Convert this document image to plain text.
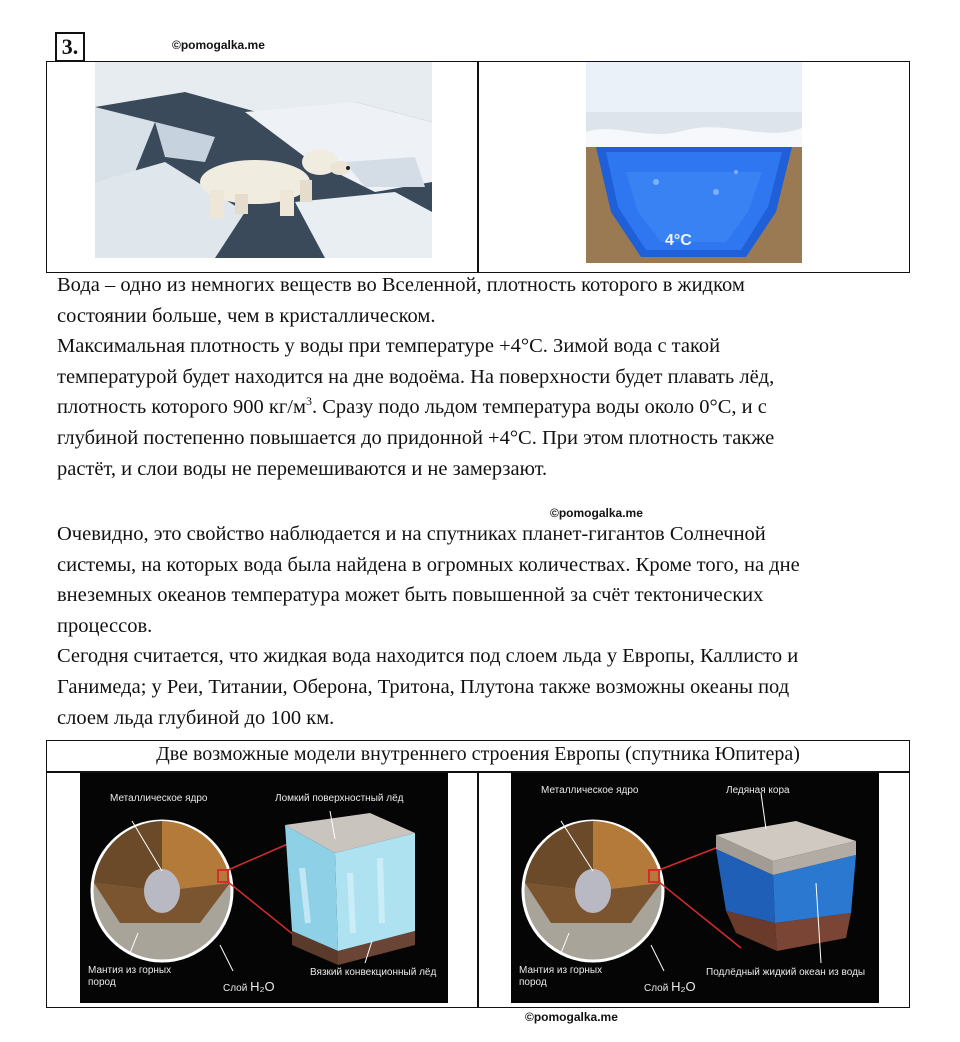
3.	©pomogalka.me
4°C

Вода – одно из немногих веществ во Вселенной, плотность которого в жидком

состоянии больше, чем в кристаллическом.

Максимальная плотность у воды при температуре +4°С. Зимой вода с такой

температурой будет находится на дне водоёма. На поверхности будет плавать лёд,

плотность которого 900 $кг/м^3$. Сразу подо льдом температура воды около 0°С, и с

глубиной постепенно повышается до придонной +4°С. При этом плотность также

растёт, и слои воды не перемешиваются и не замерзают.

©pomogalka.me

Очевидно, это свойство наблюдается и на спутниках планет-гигантов Солнечной

системы, на которых вода была найдена в огромных количествах. Кроме того, на дне

внеземных океанов температура может быть повышенной за счёт тектонических

процессов.

Сегодня считается, что жидкая вода находится под слоем льда у Европы, Каллисто и

Ганимеда; у Реи, Титании, Оберона, Тритона, Плутона также возможны океаны под

слоем льда глубиной до 100 км.

Две возможные модели внутреннего строения Европы (спутника Юпитера)
Металлическое ядро	Ломкий поверхностный лёд
Мантия из горных
пород
Слой H₂O
Вязкий конвекционный лёд
Металлическое ядро	Ледяная кора
Мантия из горных
пород
Слой H₂O
Подлёдный жидкий океан из воды
©pomogalka.me
